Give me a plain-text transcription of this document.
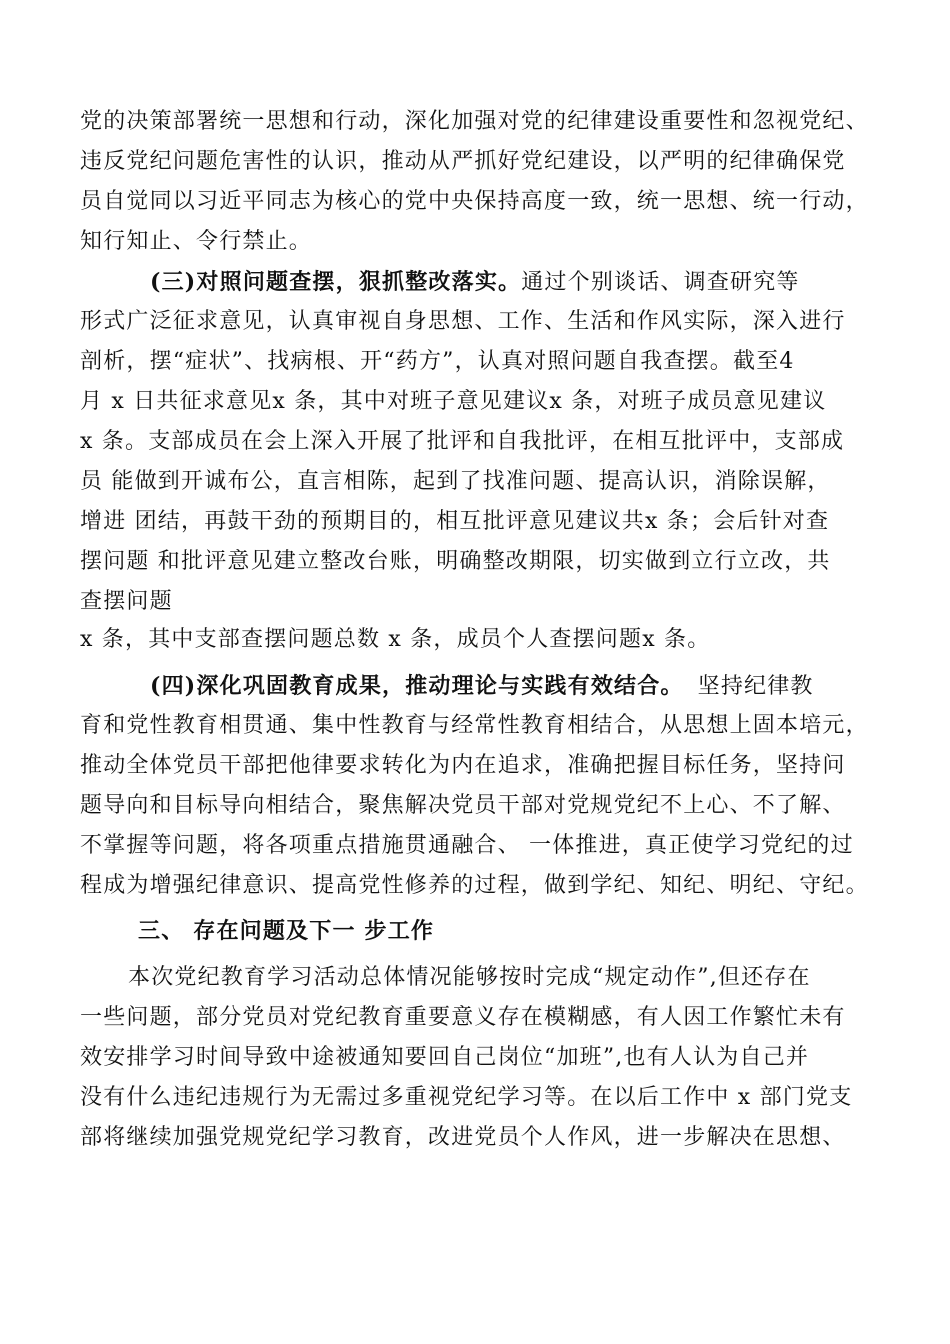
党的决策部署统一思想和行动，深化加强对党的纪律建设重要性和忽视党纪、
违反党纪问题危害性的认识，推动从严抓好党纪建设，以严明的纪律确保党
员自觉同以习近平同志为核心的党中央保持高度一致，统一思想、统一行动，
知行知止、令行禁止。
(三)对照问题查摆，狠抓整改落实。通过个别谈话、调查研究等
形式广泛征求意见，认真审视自身思想、工作、生活和作风实际，深入进行
剖析，摆“症状”、找病根、开“药方”，认真对照问题自我查摆。截至4
月 x 日共征求意见x 条，其中对班子意见建议x 条，对班子成员意见建议
x 条。支部成员在会上深入开展了批评和自我批评，在相互批评中，支部成
员 能做到开诚布公，直言相陈，起到了找准问题、提高认识，消除误解，
增进 团结，再鼓干劲的预期目的，相互批评意见建议共x 条；会后针对查
摆问题 和批评意见建立整改台账，明确整改期限，切实做到立行立改，共
查摆问题
x 条，其中支部查摆问题总数 x 条，成员个人查摆问题x 条。
(四)深化巩固教育成果，推动理论与实践有效结合。 坚持纪律教
育和党性教育相贯通、集中性教育与经常性教育相结合，从思想上固本培元，
推动全体党员干部把他律要求转化为内在追求，准确把握目标任务，坚持问
题导向和目标导向相结合，聚焦解决党员干部对党规党纪不上心、不了解、
不掌握等问题，将各项重点措施贯通融合、 一体推进，真正使学习党纪的过
程成为增强纪律意识、提高党性修养的过程，做到学纪、知纪、明纪、守纪。
三、 存在问题及下一 步工作
本次党纪教育学习活动总体情况能够按时完成“规定动作”,但还存在
一些问题，部分党员对党纪教育重要意义存在模糊感，有人因工作繁忙未有
效安排学习时间导致中途被通知要回自己岗位“加班”,也有人认为自己并
没有什么违纪违规行为无需过多重视党纪学习等。在以后工作中 x 部门党支
部将继续加强党规党纪学习教育，改进党员个人作风，进一步解决在思想、
